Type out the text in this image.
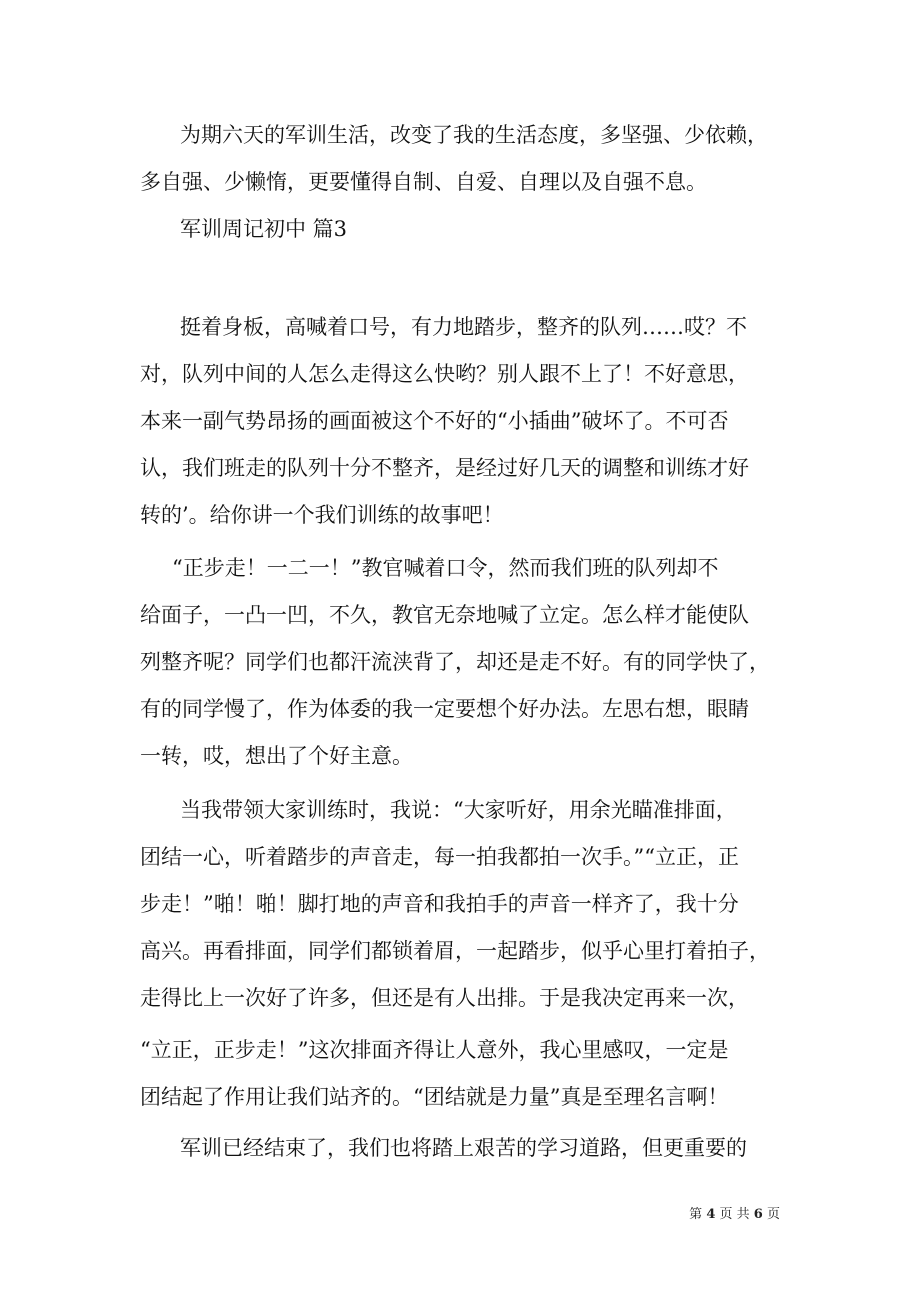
为期六天的军训生活，改变了我的生活态度，多坚强、少依赖，
多自强、少懒惰，更要懂得自制、自爱、自理以及自强不息。
军训周记初中 篇3
挺着身板，高喊着口号，有力地踏步，整齐的队列……哎？不
对，队列中间的人怎么走得这么快哟？别人跟不上了！不好意思，
本来一副气势昂扬的画面被这个不好的“小插曲”破坏了。不可否
认，我们班走的队列十分不整齐，是经过好几天的调整和训练才好
转的’。给你讲一个我们训练的故事吧！
“正步走！一二一！”教官喊着口令，然而我们班的队列却不
给面子，一凸一凹，不久，教官无奈地喊了立定。怎么样才能使队
列整齐呢？同学们也都汗流浃背了，却还是走不好。有的同学快了，
有的同学慢了，作为体委的我一定要想个好办法。左思右想，眼睛
一转，哎，想出了个好主意。
当我带领大家训练时，我说：“大家听好，用余光瞄准排面，
团结一心，听着踏步的声音走，每一拍我都拍一次手。”“立正，正
步走！”啪！啪！脚打地的声音和我拍手的声音一样齐了，我十分
高兴。再看排面，同学们都锁着眉，一起踏步，似乎心里打着拍子，
走得比上一次好了许多，但还是有人出排。于是我决定再来一次，
“立正，正步走！”这次排面齐得让人意外，我心里感叹，一定是
团结起了作用让我们站齐的。“团结就是力量”真是至理名言啊！
军训已经结束了，我们也将踏上艰苦的学习道路，但更重要的
第 4 页 共 6 页
